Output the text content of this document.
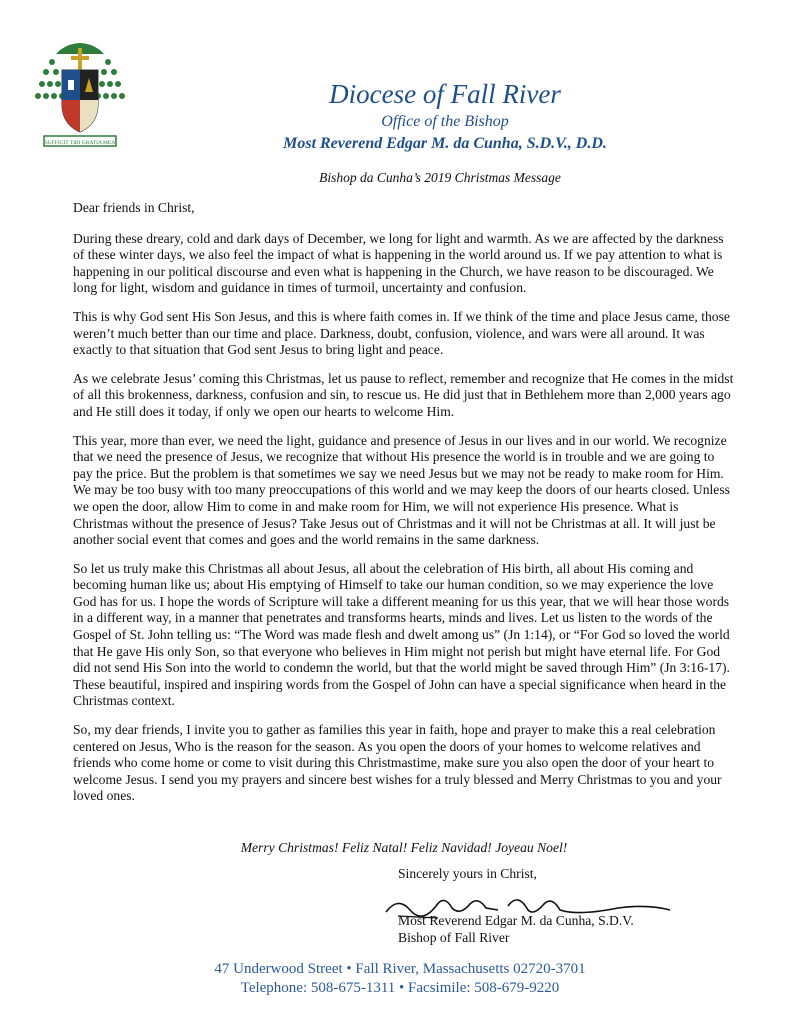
SUFFICIT TIBI GRATIA MEA
Diocese of Fall River
Office of the Bishop
Most Reverend Edgar M. da Cunha, S.D.V., D.D.
Bishop da Cunha’s 2019 Christmas Message

Dear friends in Christ,

During these dreary, cold and dark days of December, we long for light and warmth. As we are affected by the darkness of these winter days, we also feel the impact of what is happening in the world around us. If we pay attention to what is happening in our political discourse and even what is happening in the Church, we have reason to be discouraged. We long for light, wisdom and guidance in times of turmoil, uncertainty and confusion.

This is why God sent His Son Jesus, and this is where faith comes in. If we think of the time and place Jesus came, those weren’t much better than our time and place. Darkness, doubt, confusion, violence, and wars were all around. It was exactly to that situation that God sent Jesus to bring light and peace.

As we celebrate Jesus’ coming this Christmas, let us pause to reflect, remember and recognize that He comes in the midst of all this brokenness, darkness, confusion and sin, to rescue us. He did just that in Bethlehem more than 2,000 years ago and He still does it today, if only we open our hearts to welcome Him.

This year, more than ever, we need the light, guidance and presence of Jesus in our lives and in our world. We recognize that we need the presence of Jesus, we recognize that without His presence the world is in trouble and we are going to pay the price. But the problem is that sometimes we say we need Jesus but we may not be ready to make room for Him. We may be too busy with too many preoccupations of this world and we may keep the doors of our hearts closed. Unless we open the door, allow Him to come in and make room for Him, we will not experience His presence. What is Christmas without the presence of Jesus? Take Jesus out of Christmas and it will not be Christmas at all. It will just be another social event that comes and goes and the world remains in the same darkness.

So let us truly make this Christmas all about Jesus, all about the celebration of His birth, all about His coming and becoming human like us; about His emptying of Himself to take our human condition, so we may experience the love God has for us. I hope the words of Scripture will take a different meaning for us this year, that we will hear those words in a different way, in a manner that penetrates and transforms hearts, minds and lives. Let us listen to the words of the Gospel of St. John telling us: “The Word was made flesh and dwelt among us” (Jn 1:14), or “For God so loved the world that He gave His only Son, so that everyone who believes in Him might not perish but might have eternal life. For God did not send His Son into the world to condemn the world, but that the world might be saved through Him” (Jn 3:16-17). These beautiful, inspired and inspiring words from the Gospel of John can have a special significance when heard in the Christmas context.

So, my dear friends, I invite you to gather as families this year in faith, hope and prayer to make this a real celebration centered on Jesus, Who is the reason for the season. As you open the doors of your homes to welcome relatives and friends who come home or come to visit during this Christmastime, make sure you also open the door of your heart to welcome Jesus. I send you my prayers and sincere best wishes for a truly blessed and Merry Christmas to you and your loved ones.

Merry Christmas! Feliz Natal! Feliz Navidad! Joyeau Noel!
Sincerely yours in Christ,
Most Reverend Edgar M. da Cunha, S.D.V.
Bishop of Fall River
47 Underwood Street • Fall River, Massachusetts 02720-3701
Telephone: 508-675-1311 • Facsimile: 508-679-9220
